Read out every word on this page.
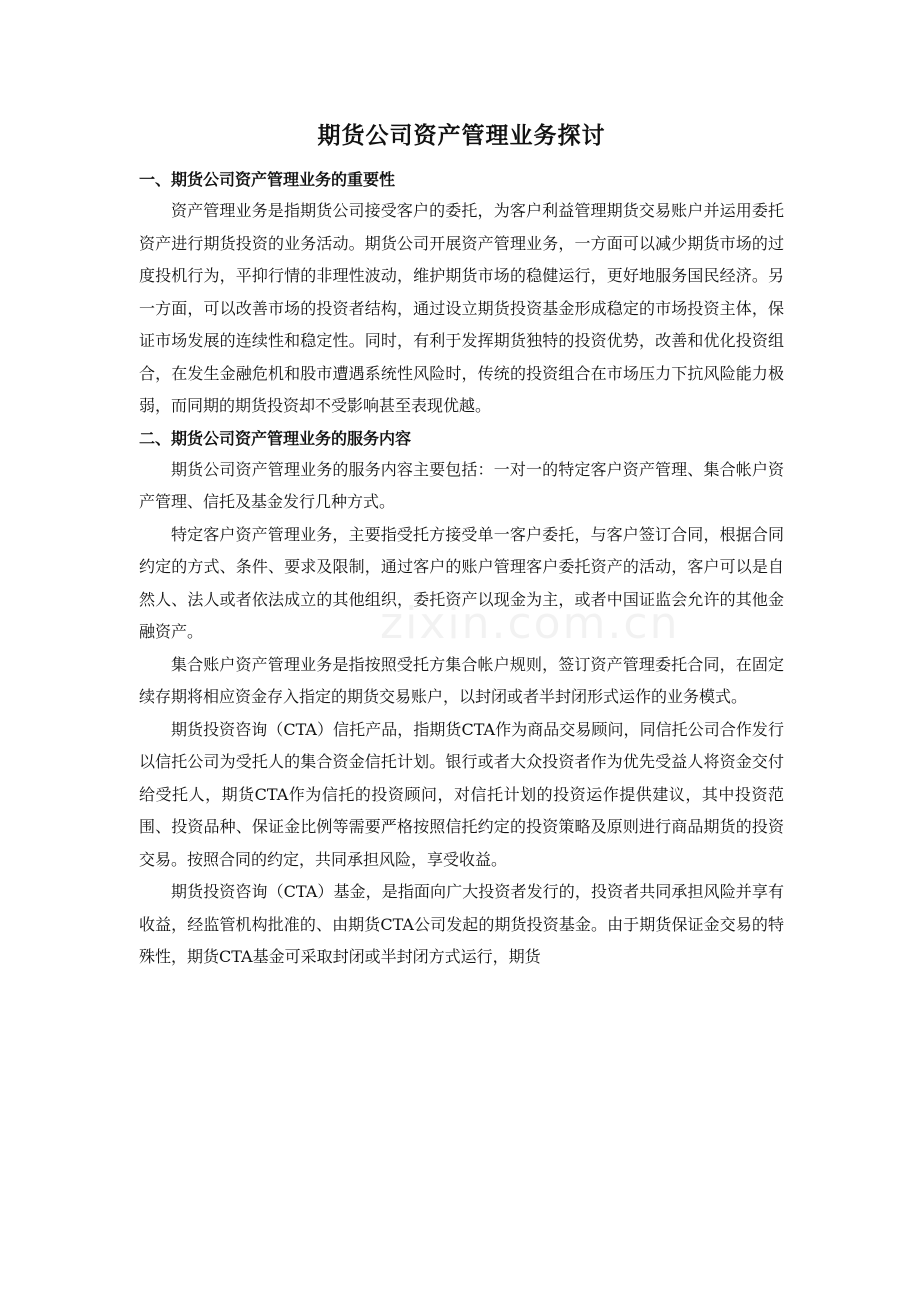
zixin.com.cn
期货公司资产管理业务探讨
一、期货公司资产管理业务的重要性

资产管理业务是指期货公司接受客户的委托，为客户利益管理期货交易账户并运用委托资产进行期货投资的业务活动。期货公司开展资产管理业务，一方面可以减少期货市场的过度投机行为，平抑行情的非理性波动，维护期货市场的稳健运行，更好地服务国民经济。另一方面，可以改善市场的投资者结构，通过设立期货投资基金形成稳定的市场投资主体，保证市场发展的连续性和稳定性。同时，有利于发挥期货独特的投资优势，改善和优化投资组合，在发生金融危机和股市遭遇系统性风险时，传统的投资组合在市场压力下抗风险能力极弱，而同期的期货投资却不受影响甚至表现优越。

二、期货公司资产管理业务的服务内容

期货公司资产管理业务的服务内容主要包括：一对一的特定客户资产管理、集合帐户资产管理、信托及基金发行几种方式。

特定客户资产管理业务，主要指受托方接受单一客户委托，与客户签订合同，根据合同约定的方式、条件、要求及限制，通过客户的账户管理客户委托资产的活动，客户可以是自然人、法人或者依法成立的其他组织，委托资产以现金为主，或者中国证监会允许的其他金融资产。

集合账户资产管理业务是指按照受托方集合帐户规则，签订资产管理委托合同，在固定续存期将相应资金存入指定的期货交易账户，以封闭或者半封闭形式运作的业务模式。

期货投资咨询（CTA）信托产品，指期货CTA作为商品交易顾问，同信托公司合作发行以信托公司为受托人的集合资金信托计划。银行或者大众投资者作为优先受益人将资金交付给受托人，期货CTA作为信托的投资顾问，对信托计划的投资运作提供建议，其中投资范围、投资品种、保证金比例等需要严格按照信托约定的投资策略及原则进行商品期货的投资交易。按照合同的约定，共同承担风险，享受收益。

期货投资咨询（CTA）基金，是指面向广大投资者发行的，投资者共同承担风险并享有收益，经监管机构批准的、由期货CTA公司发起的期货投资基金。由于期货保证金交易的特殊性，期货CTA基金可采取封闭或半封闭方式运行，期货
